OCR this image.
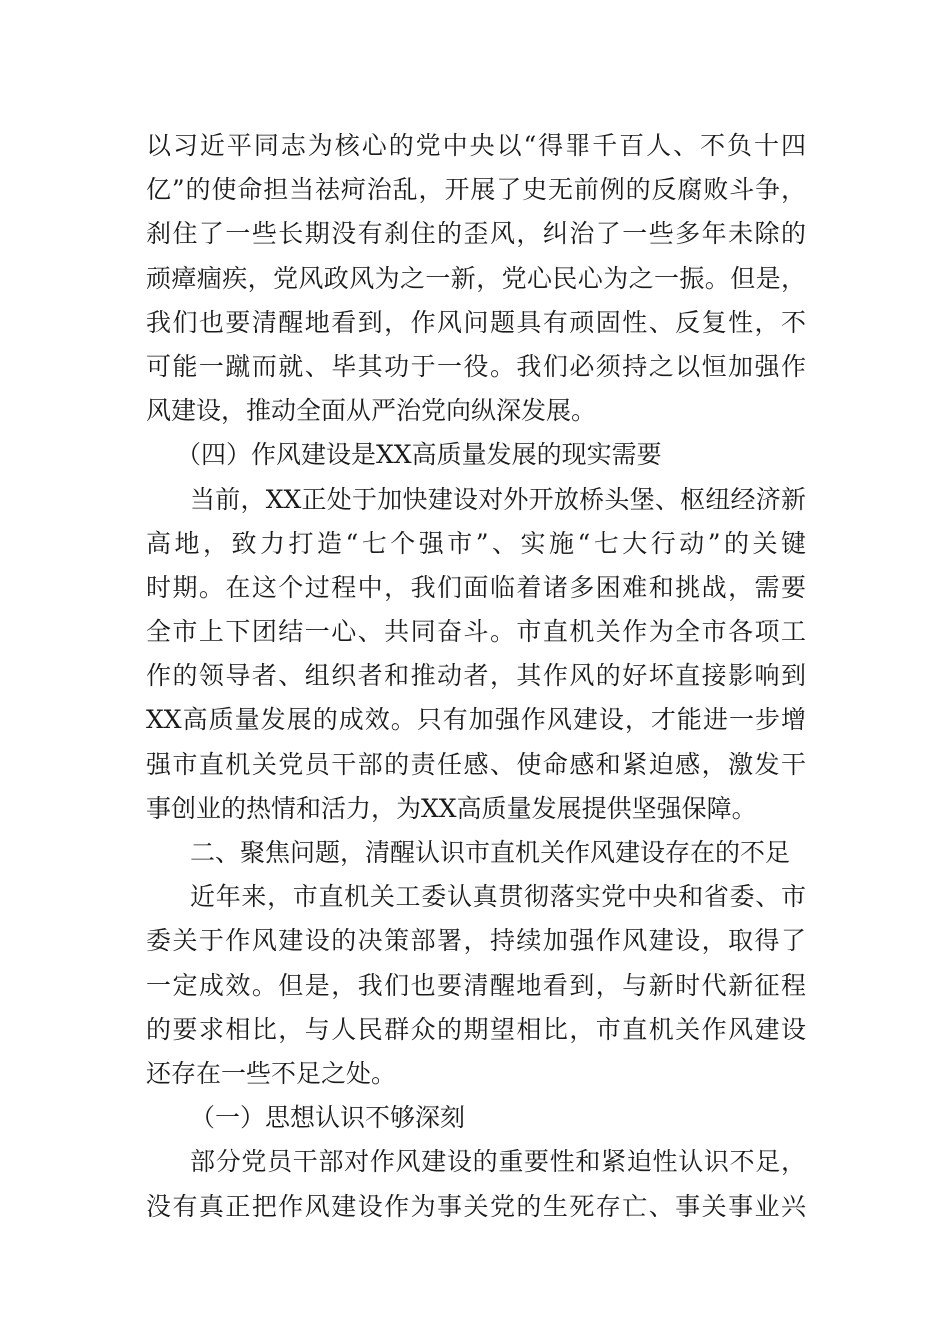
以习近平同志为核心的党中央以“得罪千百人、不负十四
亿”的使命担当祛疴治乱，开展了史无前例的反腐败斗争，
刹住了一些长期没有刹住的歪风，纠治了一些多年未除的
顽瘴痼疾，党风政风为之一新，党心民心为之一振。但是，
我们也要清醒地看到，作风问题具有顽固性、反复性，不
可能一蹴而就、毕其功于一役。我们必须持之以恒加强作
风建设，推动全面从严治党向纵深发展。
（四）作风建设是XX高质量发展的现实需要
当前，XX正处于加快建设对外开放桥头堡、枢纽经济新
高地，致力打造“七个强市”、实施“七大行动”的关键
时期。在这个过程中，我们面临着诸多困难和挑战，需要
全市上下团结一心、共同奋斗。市直机关作为全市各项工
作的领导者、组织者和推动者，其作风的好坏直接影响到
XX高质量发展的成效。只有加强作风建设，才能进一步增
强市直机关党员干部的责任感、使命感和紧迫感，激发干
事创业的热情和活力，为XX高质量发展提供坚强保障。
二、聚焦问题，清醒认识市直机关作风建设存在的不足
近年来，市直机关工委认真贯彻落实党中央和省委、市
委关于作风建设的决策部署，持续加强作风建设，取得了
一定成效。但是，我们也要清醒地看到，与新时代新征程
的要求相比，与人民群众的期望相比，市直机关作风建设
还存在一些不足之处。
（一）思想认识不够深刻
部分党员干部对作风建设的重要性和紧迫性认识不足，
没有真正把作风建设作为事关党的生死存亡、事关事业兴
